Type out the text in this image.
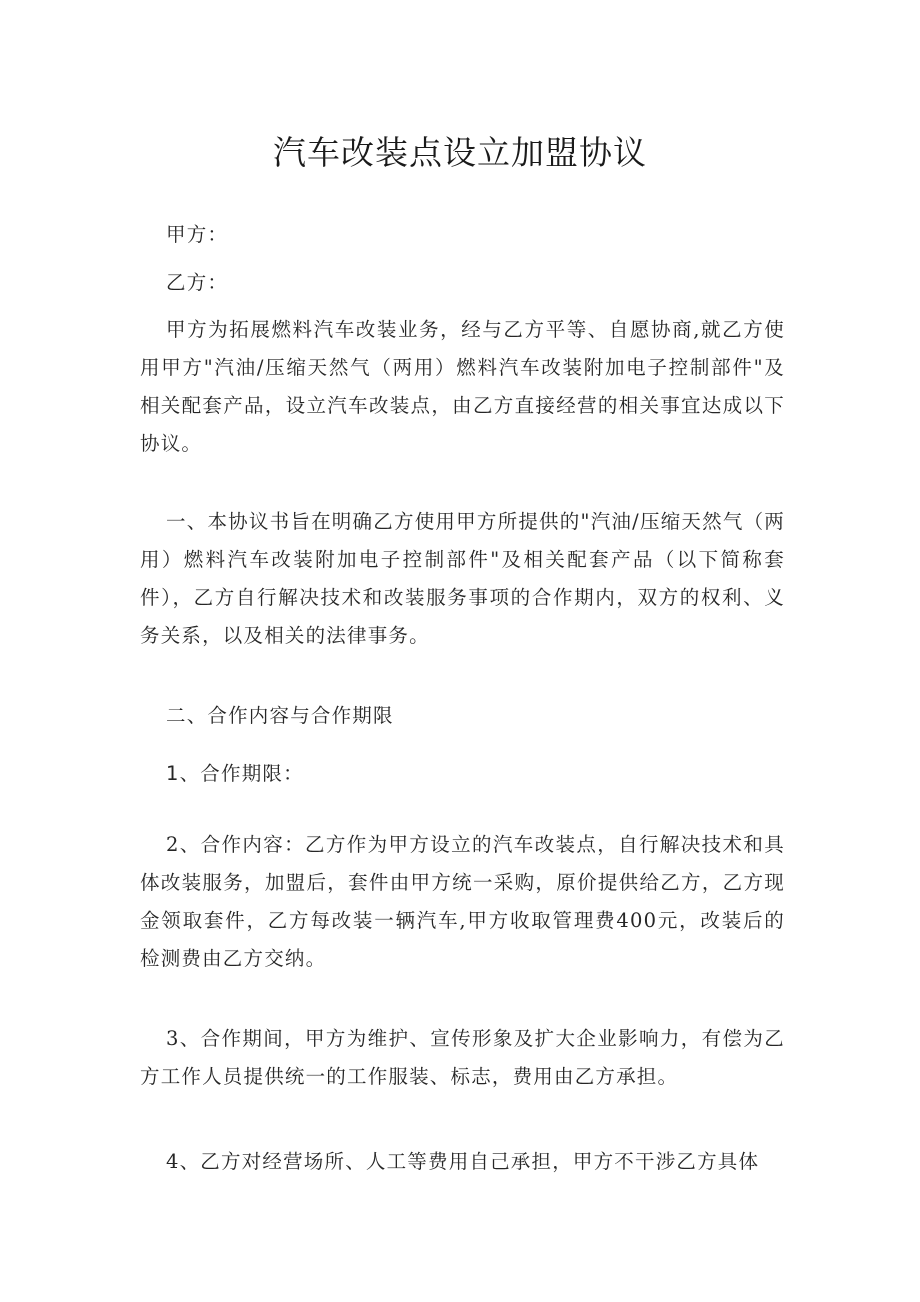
汽车改装点设立加盟协议

甲方：

乙方：

甲方为拓展燃料汽车改装业务，经与乙方平等、自愿协商,就乙方使用甲方"汽油/压缩天然气（两用）燃料汽车改装附加电子控制部件"及相关配套产品，设立汽车改装点，由乙方直接经营的相关事宜达成以下协议。

一、本协议书旨在明确乙方使用甲方所提供的"汽油/压缩天然气（两用）燃料汽车改装附加电子控制部件"及相关配套产品（以下简称套件），乙方自行解决技术和改装服务事项的合作期内，双方的权利、义务关系，以及相关的法律事务。

二、合作内容与合作期限

1、合作期限：

2、合作内容：乙方作为甲方设立的汽车改装点，自行解决技术和具体改装服务，加盟后，套件由甲方统一采购，原价提供给乙方，乙方现金领取套件，乙方每改装一辆汽车,甲方收取管理费400元，改装后的检测费由乙方交纳。

3、合作期间，甲方为维护、宣传形象及扩大企业影响力，有偿为乙方工作人员提供统一的工作服装、标志，费用由乙方承担。

4、乙方对经营场所、人工等费用自己承担，甲方不干涉乙方具体
